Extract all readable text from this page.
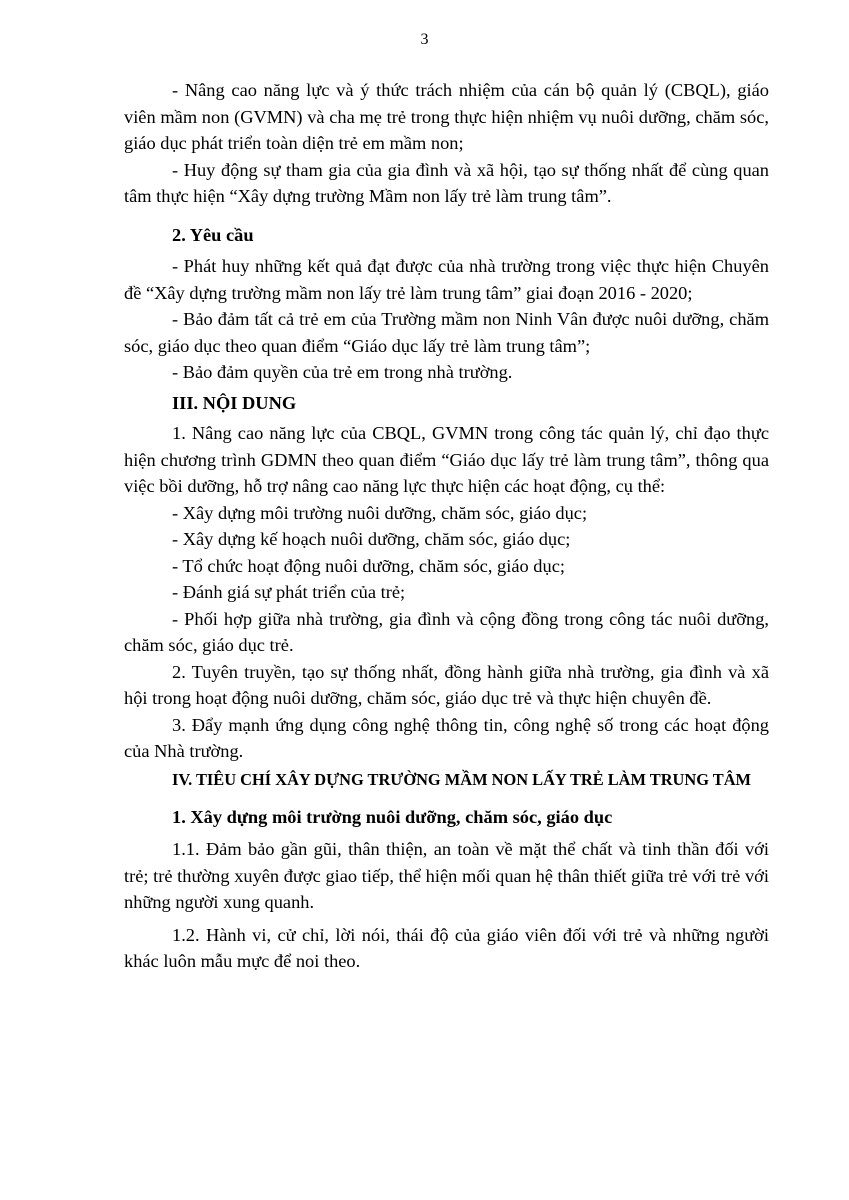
3

- Nâng cao năng lực và ý thức trách nhiệm của cán bộ quản lý (CBQL), giáo viên mầm non (GVMN) và cha mẹ trẻ trong thực hiện nhiệm vụ nuôi dưỡng, chăm sóc, giáo dục phát triển toàn diện trẻ em mầm non;

- Huy động sự tham gia của gia đình và xã hội, tạo sự thống nhất để cùng quan tâm thực hiện “Xây dựng trường Mầm non lấy trẻ làm trung tâm”.

2. Yêu cầu

- Phát huy những kết quả đạt được của nhà trường trong việc thực hiện Chuyên đề “Xây dựng trường mầm non lấy trẻ làm trung tâm” giai đoạn 2016 - 2020;

- Bảo đảm tất cả trẻ em của Trường mầm non Ninh Vân được nuôi dưỡng, chăm sóc, giáo dục theo quan điểm “Giáo dục lấy trẻ làm trung tâm”;

- Bảo đảm quyền của trẻ em trong nhà trường.

III. NỘI DUNG

1. Nâng cao năng lực của CBQL, GVMN trong công tác quản lý, chỉ đạo thực hiện chương trình GDMN theo quan điểm “Giáo dục lấy trẻ làm trung tâm”, thông qua việc bồi dưỡng, hỗ trợ nâng cao năng lực thực hiện các hoạt động, cụ thể:

- Xây dựng môi trường nuôi dưỡng, chăm sóc, giáo dục;

- Xây dựng kế hoạch nuôi dưỡng, chăm sóc, giáo dục;

- Tổ chức hoạt động nuôi dưỡng, chăm sóc, giáo dục;

- Đánh giá sự phát triển của trẻ;

- Phối hợp giữa nhà trường, gia đình và cộng đồng trong công tác nuôi dưỡng, chăm sóc, giáo dục trẻ.

2. Tuyên truyền, tạo sự thống nhất, đồng hành giữa nhà trường, gia đình và xã hội trong hoạt động nuôi dưỡng, chăm sóc, giáo dục trẻ và thực hiện chuyên đề.

3. Đẩy mạnh ứng dụng công nghệ thông tin, công nghệ số trong các hoạt động của Nhà trường.

IV. TIÊU CHÍ XÂY DỰNG TRƯỜNG MẦM NON LẤY TRẺ LÀM TRUNG TÂM

1. Xây dựng môi trường nuôi dưỡng, chăm sóc, giáo dục

1.1. Đảm bảo gần gũi, thân thiện, an toàn về mặt thể chất và tinh thần đối với trẻ; trẻ thường xuyên được giao tiếp, thể hiện mối quan hệ thân thiết giữa trẻ với trẻ với những người xung quanh.

1.2. Hành vi, cử chỉ, lời nói, thái độ của giáo viên đối với trẻ và những người khác luôn mẫu mực để noi theo.
